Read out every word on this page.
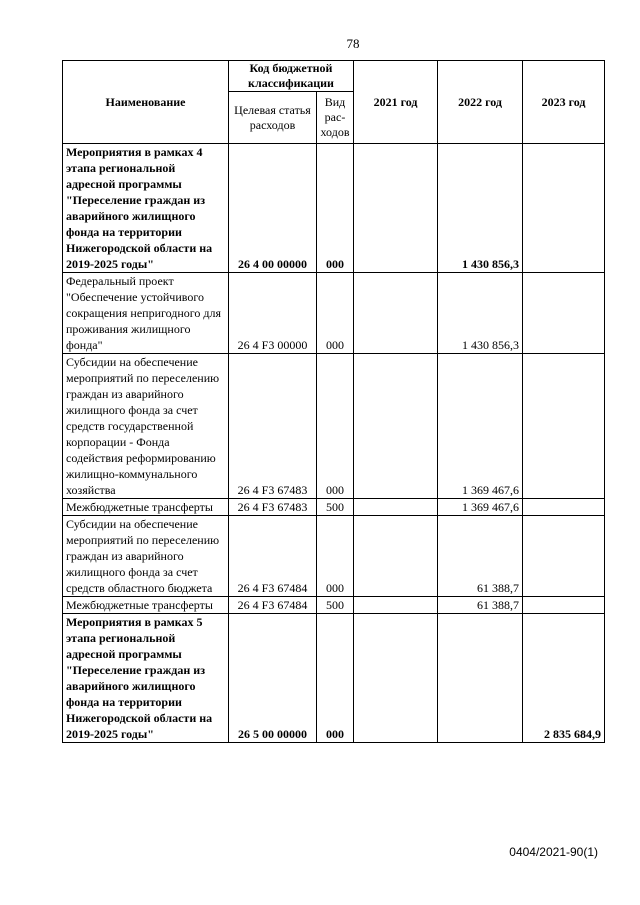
78
Наименование	Код бюджетной классификации		2021 год	2022 год	2023 год
	Целевая статья расходов	Вид рас-ходов			
Мероприятия в рамках 4 этапа региональной адресной программы "Переселение граждан из аварийного жилищного фонда на территории Нижегородской области на 2019-2025 годы"	26 4 00 00000	000		1 430 856,3	
Федеральный проект "Обеспечение устойчивого сокращения непригодного для проживания жилищного фонда"	26 4 F3 00000	000		1 430 856,3	
Субсидии на обеспечение мероприятий по переселению граждан из аварийного жилищного фонда за счет средств государственной корпорации - Фонда содействия реформированию жилищно-коммунального хозяйства	26 4 F3 67483	000		1 369 467,6	
Межбюджетные трансферты	26 4 F3 67483	500		1 369 467,6	
Субсидии на обеспечение мероприятий по переселению граждан из аварийного жилищного фонда за счет средств областного бюджета	26 4 F3 67484	000		61 388,7	
Межбюджетные трансферты	26 4 F3 67484	500		61 388,7	
Мероприятия в рамках 5 этапа региональной адресной программы "Переселение граждан из аварийного жилищного фонда на территории Нижегородской области на 2019-2025 годы"	26 5 00 00000	000			2 835 684,9
0404/2021-90(1)
